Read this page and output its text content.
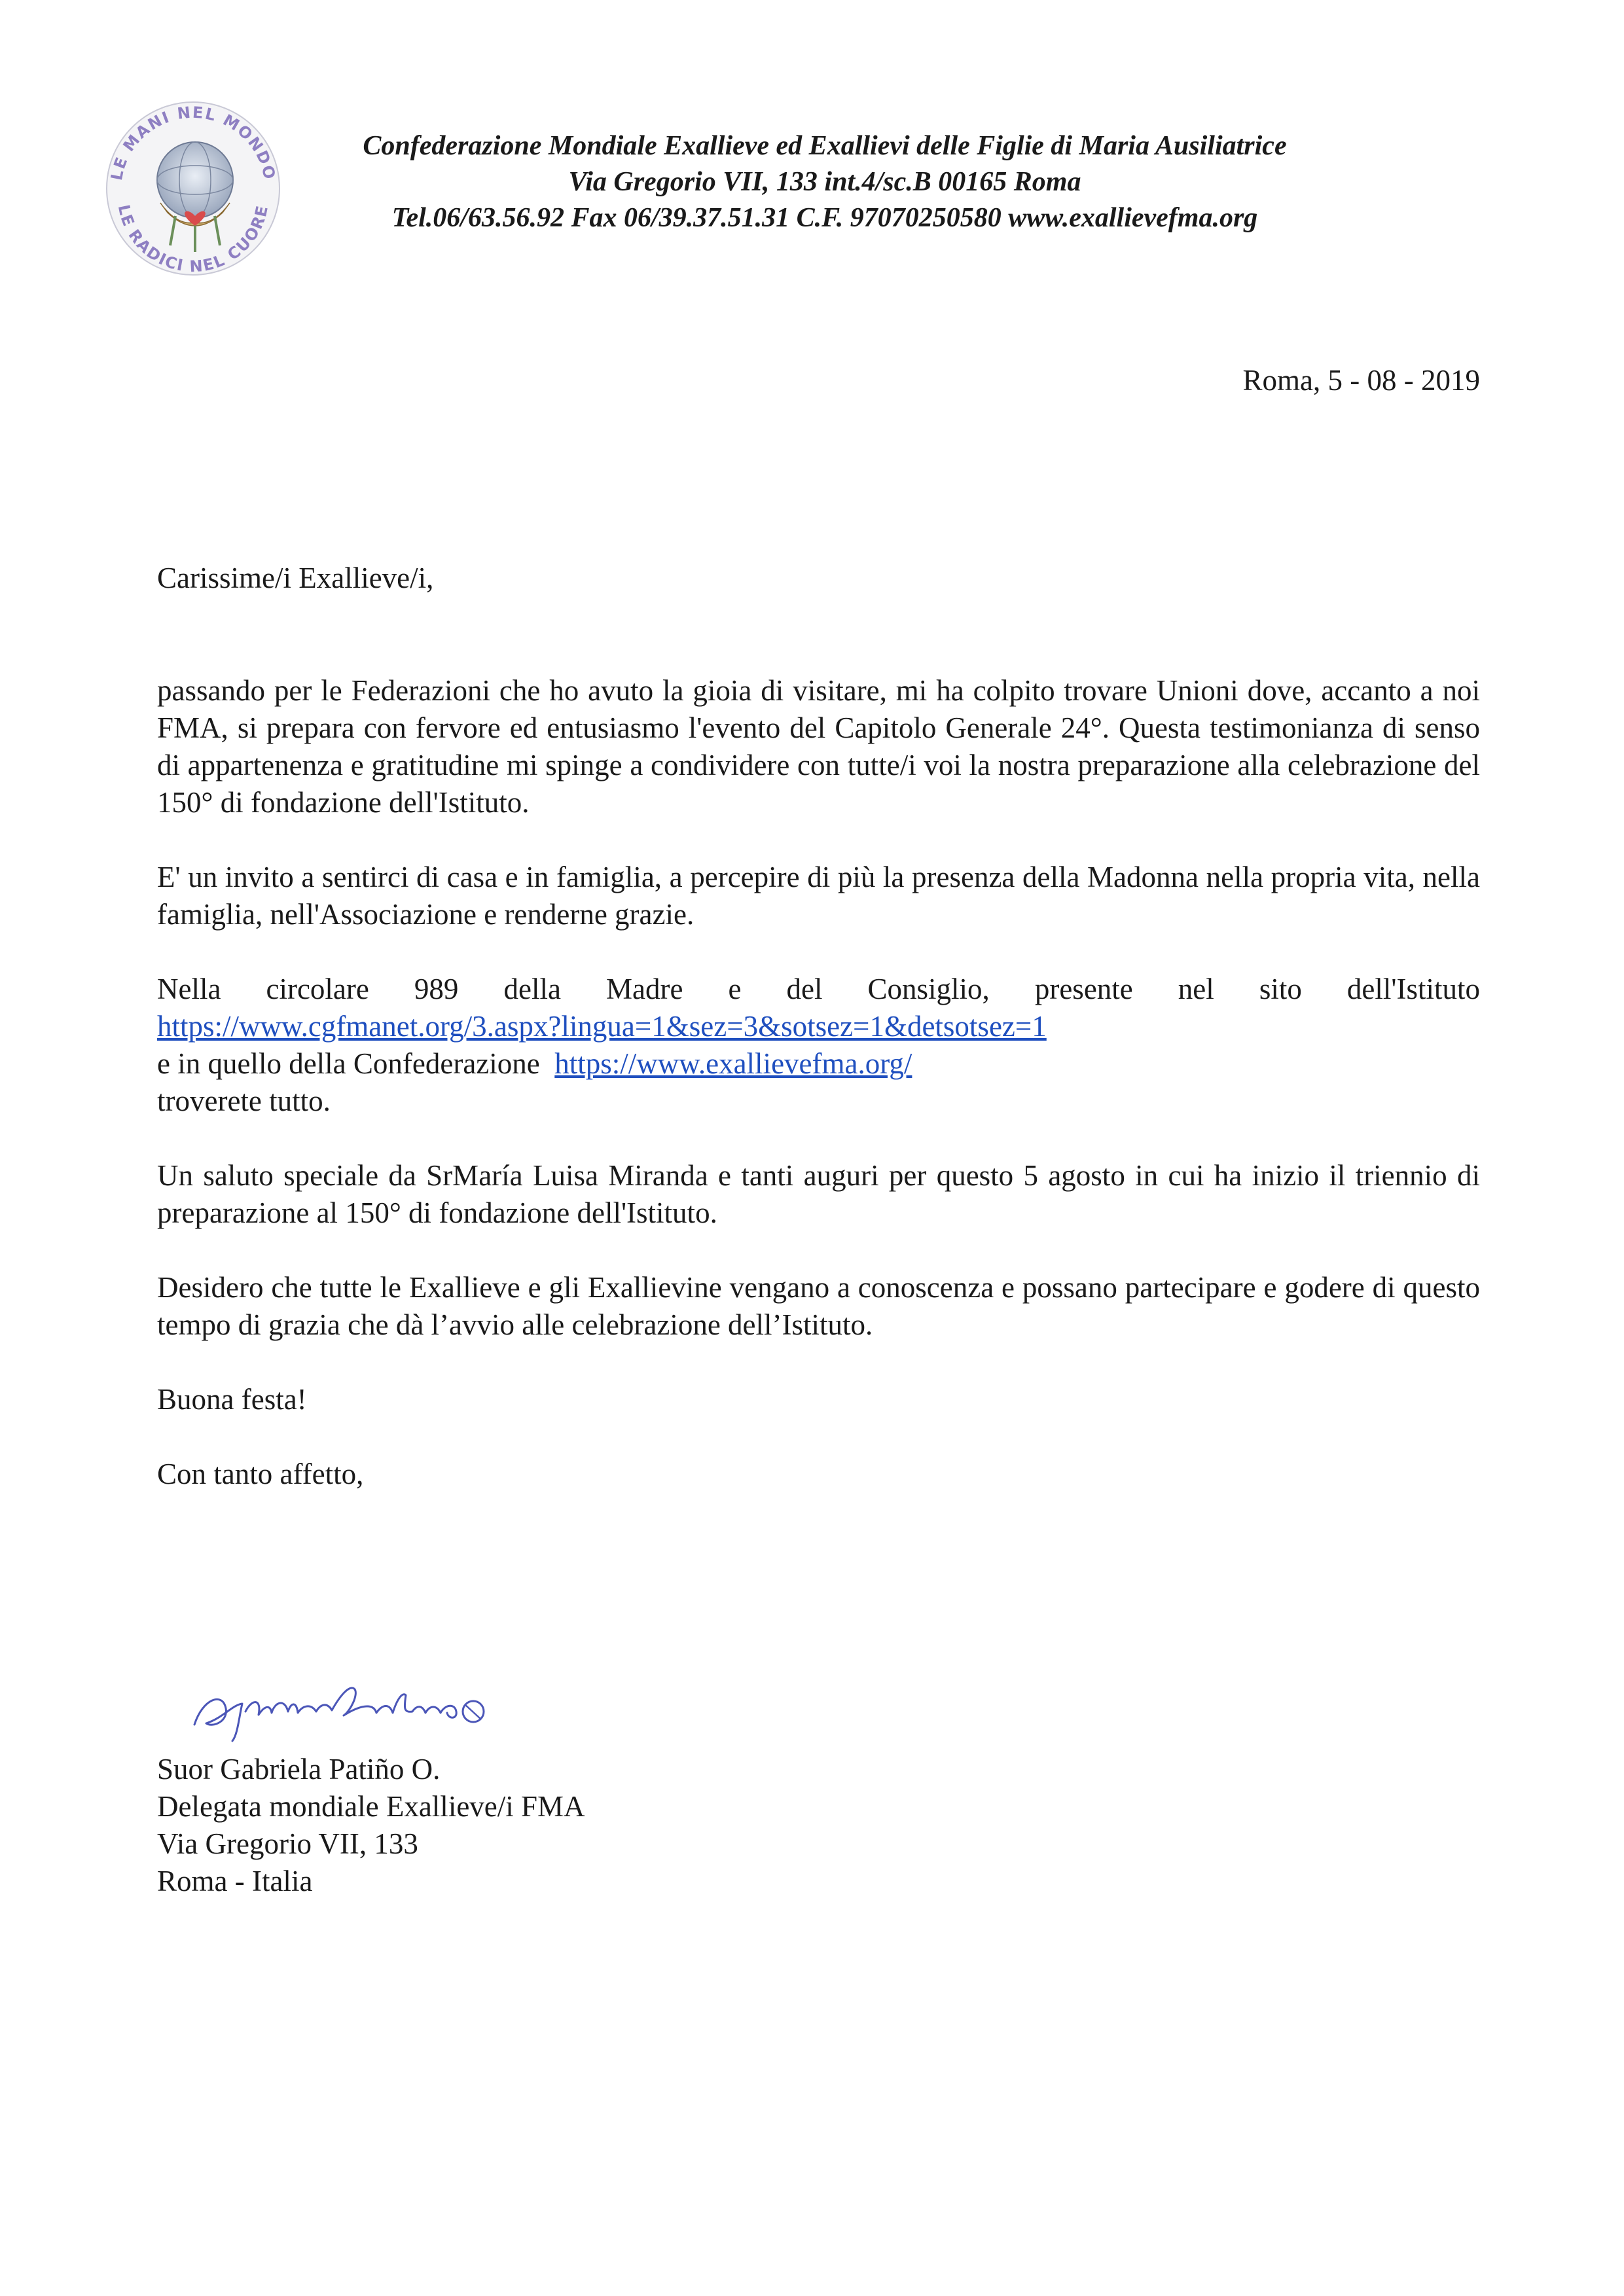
LE MANI NEL MONDO
LE RADICI NEL CUORE
Confederazione Mondiale Exallieve ed Exallievi delle Figlie di Maria Ausiliatrice
Via Gregorio VII, 133 int.4/sc.B 00165 Roma
Tel.06/63.56.92 Fax 06/39.37.51.31 C.F. 97070250580 www.exallievefma.org
Roma, 5 - 08 - 2019

Carissime/i Exallieve/i,

passando per le Federazioni che ho avuto la gioia di visitare, mi ha colpito trovare Unioni dove, accanto a noi FMA, si prepara con fervore ed entusiasmo l'evento del Capitolo Generale 24°. Questa testimonianza di senso di appartenenza e gratitudine mi spinge a condividere con tutte/i voi la nostra preparazione alla celebrazione del 150° di fondazione dell'Istituto.

E' un invito a sentirci di casa e in famiglia, a percepire di più la presenza della Madonna nella propria vita, nella famiglia, nell'Associazione e renderne grazie.

Nella circolare 989 della Madre e del Consiglio, presente nel sito dell'Istituto
https://www.cgfmanet.org/3.aspx?lingua=1&sez=3&sotsez=1&detsotsez=1
e in quello della Confederazione  https://www.exallievefma.org/
troverete tutto.

Un saluto speciale da SrMaría Luisa Miranda e tanti auguri per questo 5 agosto in cui ha inizio il triennio di preparazione al 150° di fondazione dell'Istituto.

Desidero che tutte le Exallieve e gli Exallievine vengano a conoscenza e possano partecipare e godere di questo tempo di grazia che dà l’avvio alle celebrazione dell’Istituto.

Buona festa!

Con tanto affetto,

Suor Gabriela Patiño O.
Delegata mondiale Exallieve/i FMA
Via Gregorio VII, 133
Roma - Italia
